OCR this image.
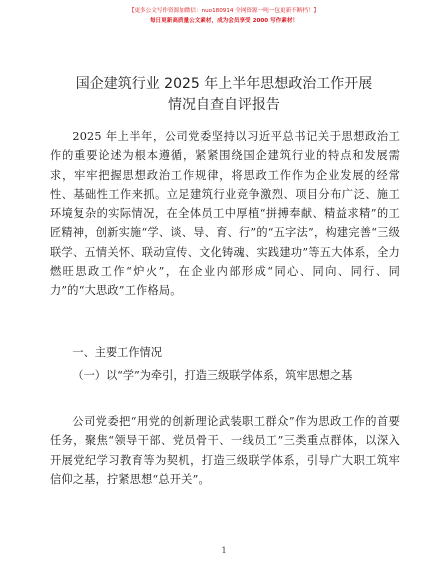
【更多公文写作资源加微信：nuo180914 全网资源一吨一包更新不断档！】
每日更新高质量公文素材，成为会员享受 2000 写作素材！
国企建筑行业 2025 年上半年思想政治工作开展
情况自查自评报告

2025 年上半年，公司党委坚持以习近平总书记关于思想政治工作的重要论述为根本遵循，紧紧围绕国企建筑行业的特点和发展需求，牢牢把握思想政治工作规律，将思政工作作为企业发展的经常性、基础性工作来抓。立足建筑行业竞争激烈、项目分布广泛、施工环境复杂的实际情况，在全体员工中厚植“拼搏奉献、精益求精”的工匠精神，创新实施“学、谈、导、育、行”的“五字法”，构建完善“三级联学、五情关怀、联动宣传、文化铸魂、实践建功”等五大体系，全力燃旺思政工作“炉火”，在企业内部形成“同心、同向、同行、同力”的“大思政”工作格局。

一、主要工作情况
（一）以“学”为牵引，打造三级联学体系，筑牢思想之基

公司党委把“用党的创新理论武装职工群众”作为思政工作的首要任务，聚焦“领导干部、党员骨干、一线员工”三类重点群体，以深入开展党纪学习教育等为契机，打造三级联学体系，引导广大职工筑牢信仰之基，拧紧思想“总开关”。

1
